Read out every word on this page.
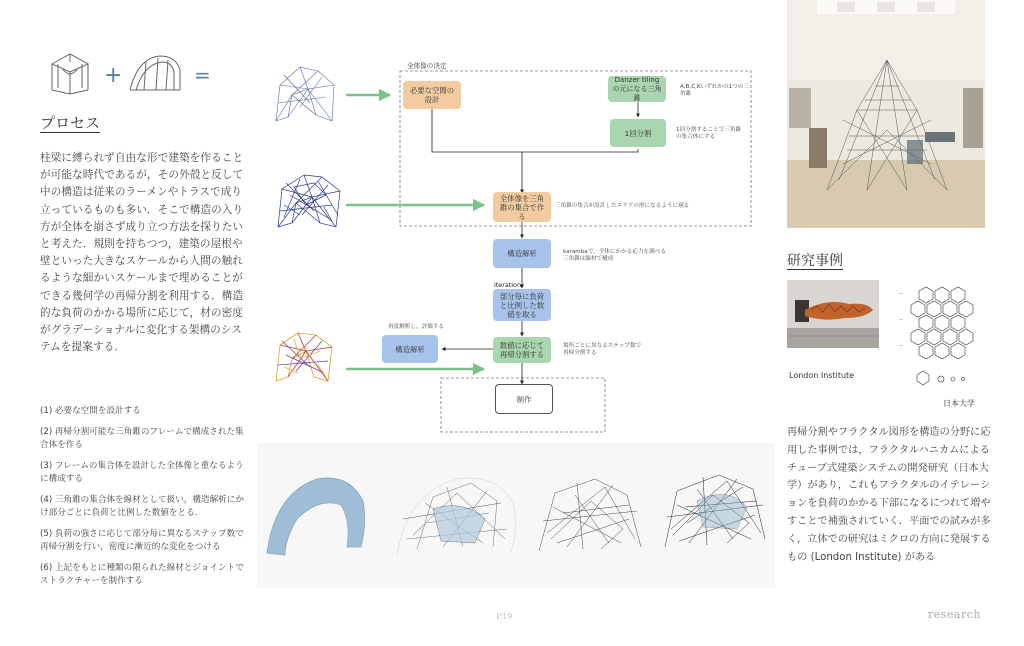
+	=
プロセス

柱梁に縛られず自由な形で建築を作ることが可能な時代であるが，その外殻と反して中の構造は従来のラーメンやトラスで成り立っているものも多い．そこで構造の入り方が全体を崩さず成り立つ方法を探りたいと考えた．規則を持ちつつ，建築の屋根や壁といった大きなスケールから人間の触れるような細かいスケールまで埋めることができる幾何学の再帰分割を利用する．構造的な負荷のかかる場所に応じて，材の密度がグラデーショナルに変化する架構のシステムを提案する．

(1) 必要な空間を設計する
(2) 再帰分割可能な三角錐のフレームで構成された集合体を作る
(3) フレームの集合体を設計した全体像と重なるように構成する
(4) 三角錐の集合体を線材として扱い，構造解析にかけ部分ごとに負荷と比例した数値をとる．
(5) 負荷の強さに応じて部分毎に異なるステップ数で再帰分割を行い，密度に漸近的な変化をつける
(6) 上記をもとに種類の限られた線材とジョイントでストラクチャーを制作する
全体像の決定
必要な空間の設計
Danzer tilingの元になる三角錐
A,B,C,Kいずれかの1つの三角錐
1回分割	1回分割することで三角錐の集合体にする
全体像を三角錐の集合で作る
三角錐の集合が設計したエリアの形になるように剔る
構造解析	karambaで，全体にかかる応力を調べる三角錐は線材で構成
iteration
部分毎に負荷と比例した数値を取る
数値に応じて再帰分割する
場所ごとに異なるステップ数で再帰分割する
再度解析し，評価する
構造解析
制作
研究事例
London Institute
—
—
—
日本大学

再帰分割やフラクタル図形を構造の分野に応用した事例では，フラクタルハニカムによるチューブ式建築システムの開発研究（日本大学）があり，これもフラクタルのイテレーションを負荷のかかる下部になるにつれて増やすことで補強されていく．平面での試みが多く，立体での研究はミクロの方向に発展するもの (London Institute) がある

P.19	research
